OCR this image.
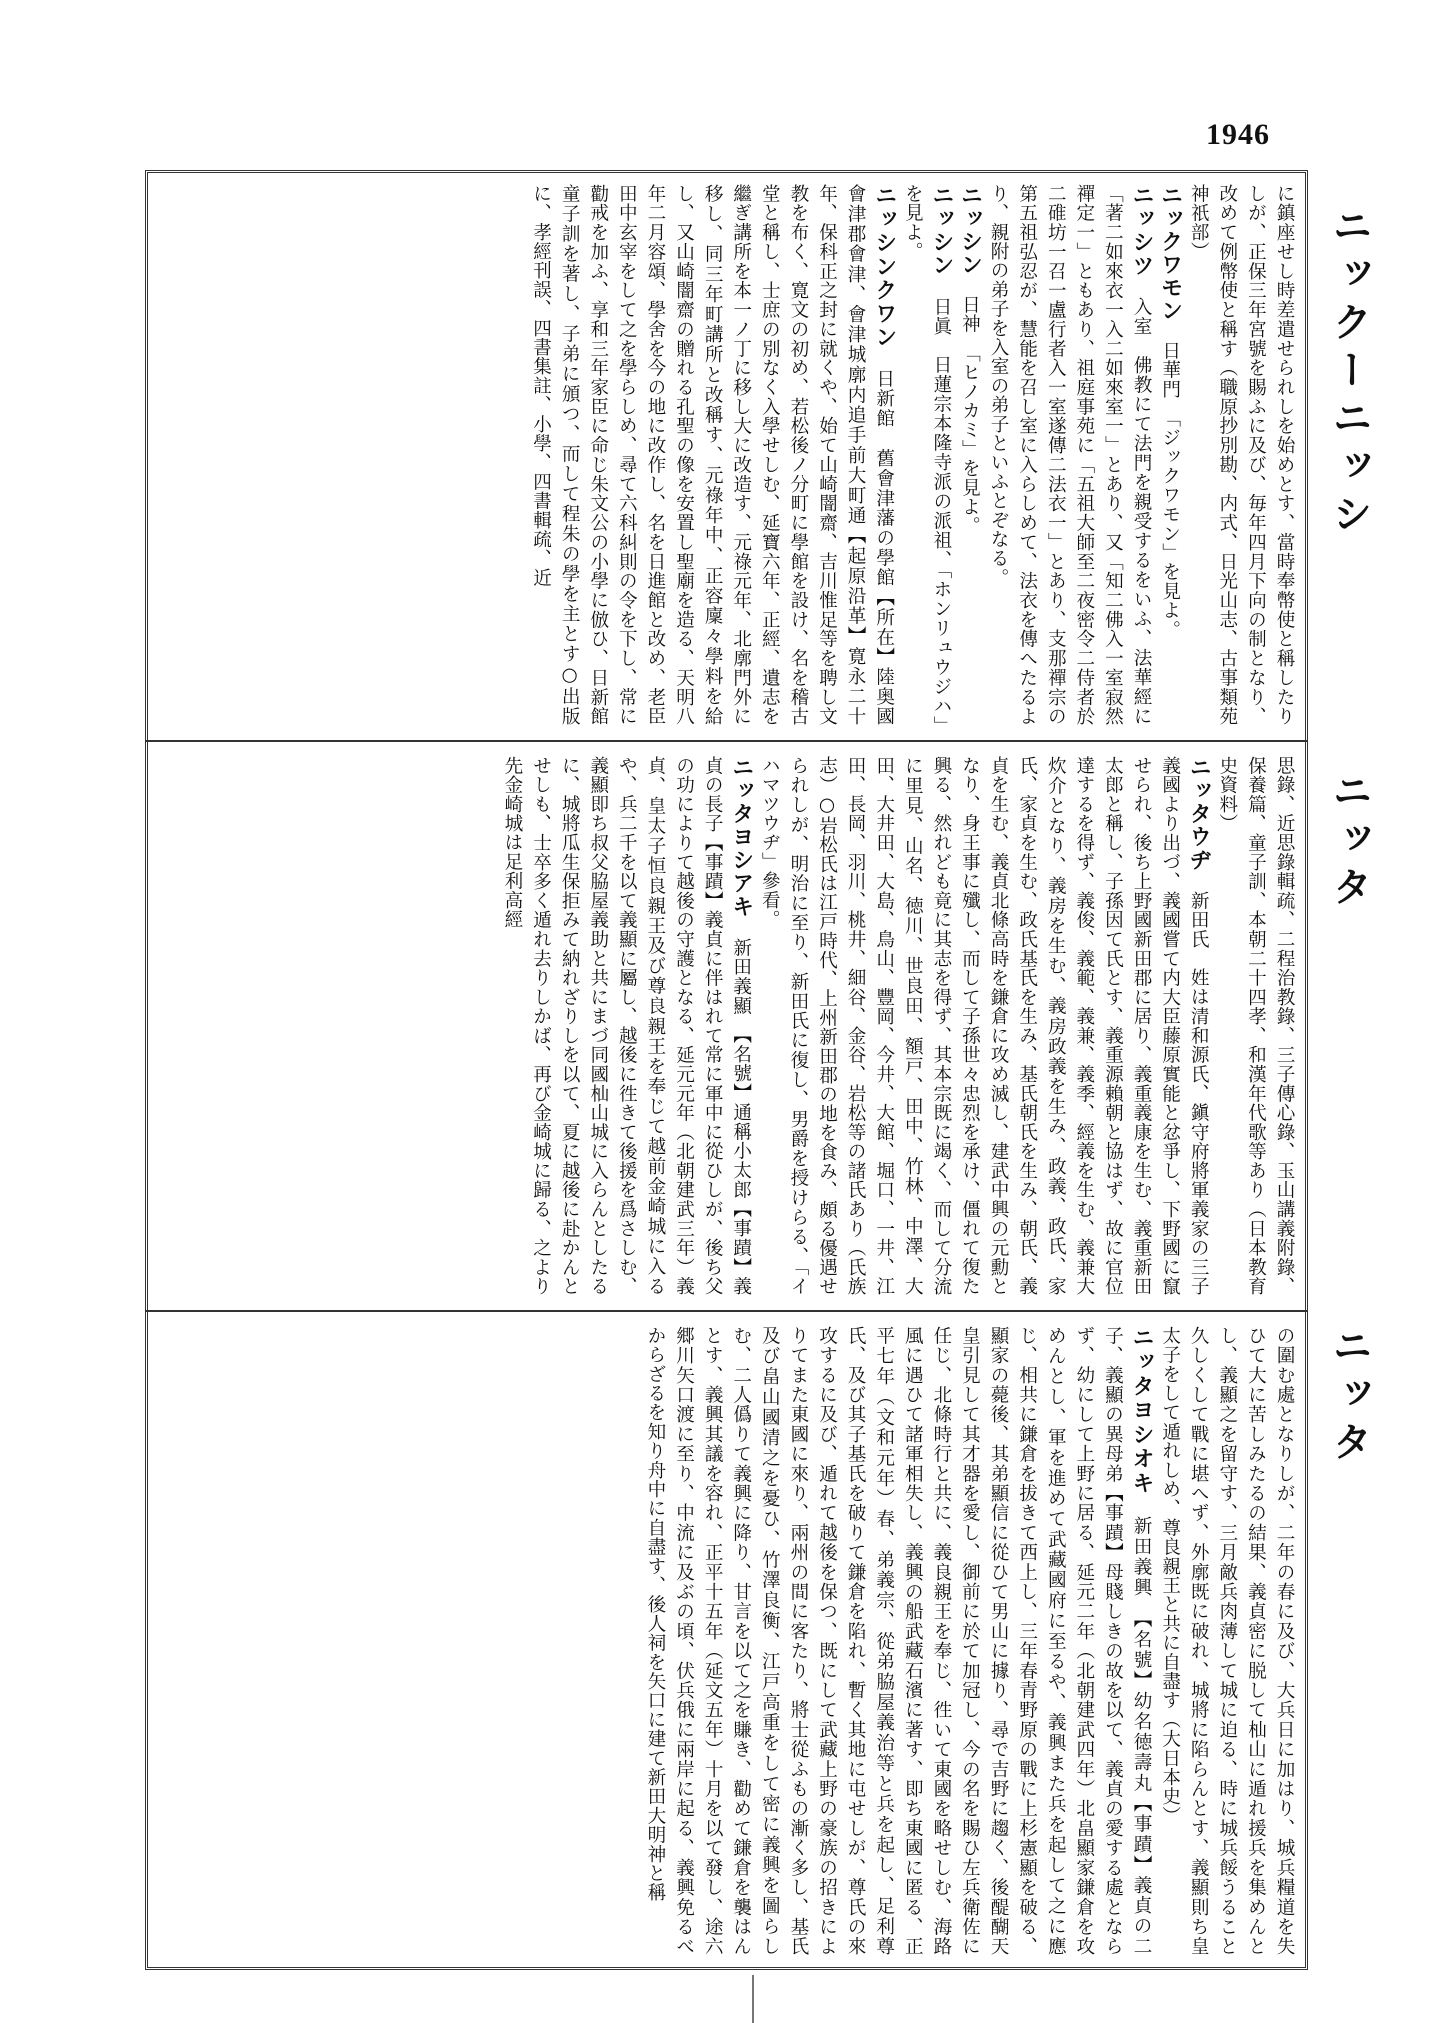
1946

に鎮座せし時差遣せられしを始めとす、當時奉幣使と稱したりしが、正保三年宮號を賜ふに及び、毎年四月下向の制となり、改めて例幣使と稱す（職原抄別勘、内式、日光山志、古事類苑神祇部）

ニックワモン　日華門　「ジックワモン」を見よ。

ニッシツ　入室　佛教にて法門を親受するをいふ、法華經に「著二如來衣一入二如來室一」とあり、又「知二佛入一室寂然禪定一」ともあり、祖庭事苑に「五祖大師至二夜密令二侍者於二碓坊一召一盧行者入一室遂傳二法衣一」とあり、支那禪宗の第五祖弘忍が、慧能を召し室に入らしめて、法衣を傳へたるより、親附の弟子を入室の弟子といふとぞなる。

ニッシン　日神　「ヒノカミ」を見よ。

ニッシン　日眞　日蓮宗本隆寺派の派祖、「ホンリュウジハ」を見よ。

ニッシンクワン　日新館　舊會津藩の學館【所在】陸奥國會津郡會津、會津城廓内追手前大町通【起原沿革】寛永二十年、保科正之封に就くや、始て山崎闇齋、吉川惟足等を聘し文教を布く、寛文の初め、若松後ノ分町に學館を設け、名を稽古堂と稱し、士庶の別なく入學せしむ、延寶六年、正經、遺志を繼ぎ講所を本一ノ丁に移し大に改造す、元祿元年、北廓門外に移し、同三年町講所と改稱す、元祿年中、正容廩々學料を給し、又山崎闇齋の贈れる孔聖の像を安置し聖廟を造る、天明八年二月容頌、學舍を今の地に改作し、名を日進館と改め、老臣田中玄宰をして之を學らしめ、尋て六科糾則の令を下し、常に勸戒を加ふ、享和三年家臣に命じ朱文公の小學に倣ひ、日新館童子訓を著し、子弟に頒つ、而して程朱の學を主とす○出版に、孝經刊誤、四書集註、小學、四書輯疏、近

思錄、近思錄輯疏、二程治教錄、三子傳心錄、玉山講義附錄、保養篇、童子訓、本朝二十四孝、和漢年代歌等あり（日本教育史資料）

ニッタウヂ　新田氏　姓は清和源氏、鎭守府將軍義家の三子義國より出づ、義國嘗て内大臣藤原實能と忿爭し、下野國に竄せられ、後ち上野國新田郡に居り、義重義康を生む、義重新田太郎と稱し、子孫因て氏とす、義重源賴朝と協はず、故に官位達するを得ず、義俊、義範、義兼、義季、經義を生む、義兼大炊介となり、義房を生む、義房政義を生み、政義、政氏、家氏、家貞を生む、政氏基氏を生み、基氏朝氏を生み、朝氏、義貞を生む、義貞北條高時を鎌倉に攻め滅し、建武中興の元勳となり、身王事に殲し、而して子孫世々忠烈を承け、僵れて復た興る、然れども竟に其志を得ず、其本宗既に竭く、而して分流に里見、山名、徳川、世良田、額戸、田中、竹林、中澤、大田、大井田、大島、鳥山、豐岡、今井、大館、堀口、一井、江田、長岡、羽川、桃井、細谷、金谷、岩松等の諸氏あり（氏族志）○岩松氏は江戸時代、上州新田郡の地を食み、頗る優遇せられしが、明治に至り、新田氏に復し、男爵を授けらる、「イハマツウヂ」參看。

ニッタヨシアキ　新田義顯　【名號】通稱小太郎【事蹟】義貞の長子【事蹟】義貞に伴はれて常に軍中に從ひしが、後ち父の功によりて越後の守護となる、延元元年（北朝建武三年）義貞、皇太子恒良親王及び尊良親王を奉じて越前金崎城に入るや、兵二千を以て義顯に屬し、越後に徃きて後援を爲さしむ、義顯即ち叔父脇屋義助と共にまづ同國杣山城に入らんとしたるに、城將瓜生保拒みて納れざりしを以て、夏に越後に赴かんとせしも、士卒多く遁れ去りしかば、再び金崎城に歸る、之より先金崎城は足利高經

の圍む處となりしが、二年の春に及び、大兵日に加はり、城兵糧道を失ひて大に苦しみたるの結果、義貞密に脱して杣山に遁れ援兵を集めんとし、義顯之を留守す、三月敵兵肉薄して城に迫る、時に城兵餒うること久しくして戰に堪へず、外廓既に破れ、城將に陷らんとす、義顯則ち皇太子をして遁れしめ、尊良親王と共に自盡す（大日本史）

ニッタヨシオキ　新田義興　【名號】幼名徳壽丸【事蹟】義貞の二子、義顯の異母弟【事蹟】母賤しきの故を以て、義貞の愛する處とならず、幼にして上野に居る、延元二年（北朝建武四年）北畠顯家鎌倉を攻めんとし、軍を進めて武藏國府に至るや、義興また兵を起して之に應じ、相共に鎌倉を拔きて西上し、三年春青野原の戰に上杉憲顯を破る、顯家の薨後、其弟顯信に從ひて男山に據り、尋で吉野に趨く、後醍醐天皇引見して其才器を愛し、御前に於て加冠し、今の名を賜ひ左兵衛佐に任じ、北條時行と共に、義良親王を奉じ、徃いて東國を略せしむ、海路風に遇ひて諸軍相失し、義興の船武藏石濱に著す、即ち東國に匿る、正平七年（文和元年）春、弟義宗、從弟脇屋義治等と兵を起し、足利尊氏、及び其子基氏を破りて鎌倉を陷れ、暫く其地に屯せしが、尊氏の來攻するに及び、遁れて越後を保つ、既にして武藏上野の豪族の招きによりてまた東國に來り、兩州の間に客たり、將士從ふもの漸く多し、基氏及び畠山國清之を憂ひ、竹澤良衡、江戸高重をして密に義興を圖らしむ、二人僞りて義興に降り、甘言を以て之を賺き、勸めて鎌倉を襲はんとす、義興其議を容れ、正平十五年（延文五年）十月を以て發し、途六郷川矢口渡に至り、中流に及ぶの頃、伏兵俄に兩岸に起る、義興免るべからざるを知り舟中に自盡す、後人祠を矢口に建て新田大明神と稱

ニックーニッシ
ニッタ
ニッタ
